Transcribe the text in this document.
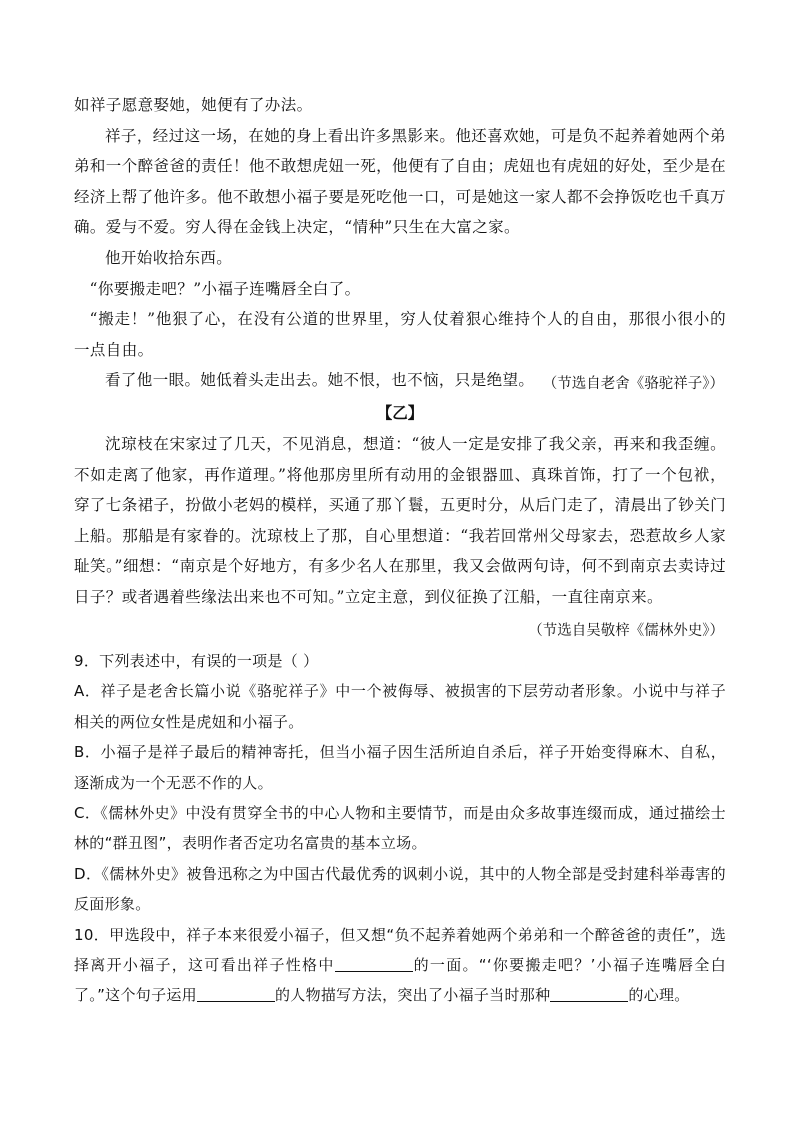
如祥子愿意娶她，她便有了办法。

祥子，经过这一场，在她的身上看出许多黑影来。他还喜欢她，可是负不起养着她两个弟弟和一个醉爸爸的责任！他不敢想虎妞一死，他便有了自由；虎妞也有虎妞的好处，至少是在经济上帮了他许多。他不敢想小福子要是死吃他一口，可是她这一家人都不会挣饭吃也千真万确。爱与不爱。穷人得在金钱上决定，“情种”只生在大富之家。

他开始收拾东西。

“你要搬走吧？”小福子连嘴唇全白了。

“搬走！”他狠了心，在没有公道的世界里，穷人仗着狠心维持个人的自由，那很小很小的一点自由。

看了他一眼。她低着头走出去。她不恨，也不恼，只是绝望。 （节选自老舍《骆驼祥子》）
【乙】

沈琼枝在宋家过了几天，不见消息，想道：“彼人一定是安排了我父亲，再来和我歪缠。不如走离了他家，再作道理。”将他那房里所有动用的金银器皿、真珠首饰，打了一个包袱，穿了七条裙子，扮做小老妈的模样，买通了那丫鬟，五更时分，从后门走了，清晨出了钞关门上船。那船是有家眷的。沈琼枝上了那，自心里想道：“我若回常州父母家去，恐惹故乡人家耻笑。”细想：“南京是个好地方，有多少名人在那里，我又会做两句诗，何不到南京去卖诗过日子？或者遇着些缘法出来也不可知。”立定主意，到仪征换了江船，一直往南京来。

（节选自吴敬梓《儒林外史》）

9．下列表述中，有误的一项是（ ）

A．祥子是老舍长篇小说《骆驼祥子》中一个被侮辱、被损害的下层劳动者形象。小说中与祥子相关的两位女性是虎妞和小福子。

B．小福子是祥子最后的精神寄托，但当小福子因生活所迫自杀后，祥子开始变得麻木、自私，逐渐成为一个无恶不作的人。

C．《儒林外史》中没有贯穿全书的中心人物和主要情节，而是由众多故事连缀而成，通过描绘士林的“群丑图”，表明作者否定功名富贵的基本立场。

D．《儒林外史》被鲁迅称之为中国古代最优秀的讽刺小说，其中的人物全部是受封建科举毒害的反面形象。

10．甲选段中，祥子本来很爱小福子，但又想“负不起养着她两个弟弟和一个醉爸爸的责任”，选择离开小福子，这可看出祥子性格中	的一面。“‘你要搬走吧？’小福子连嘴唇全白了。”这个句子运用	的人物描写方法，突出了小福子当时那种	的心理。
